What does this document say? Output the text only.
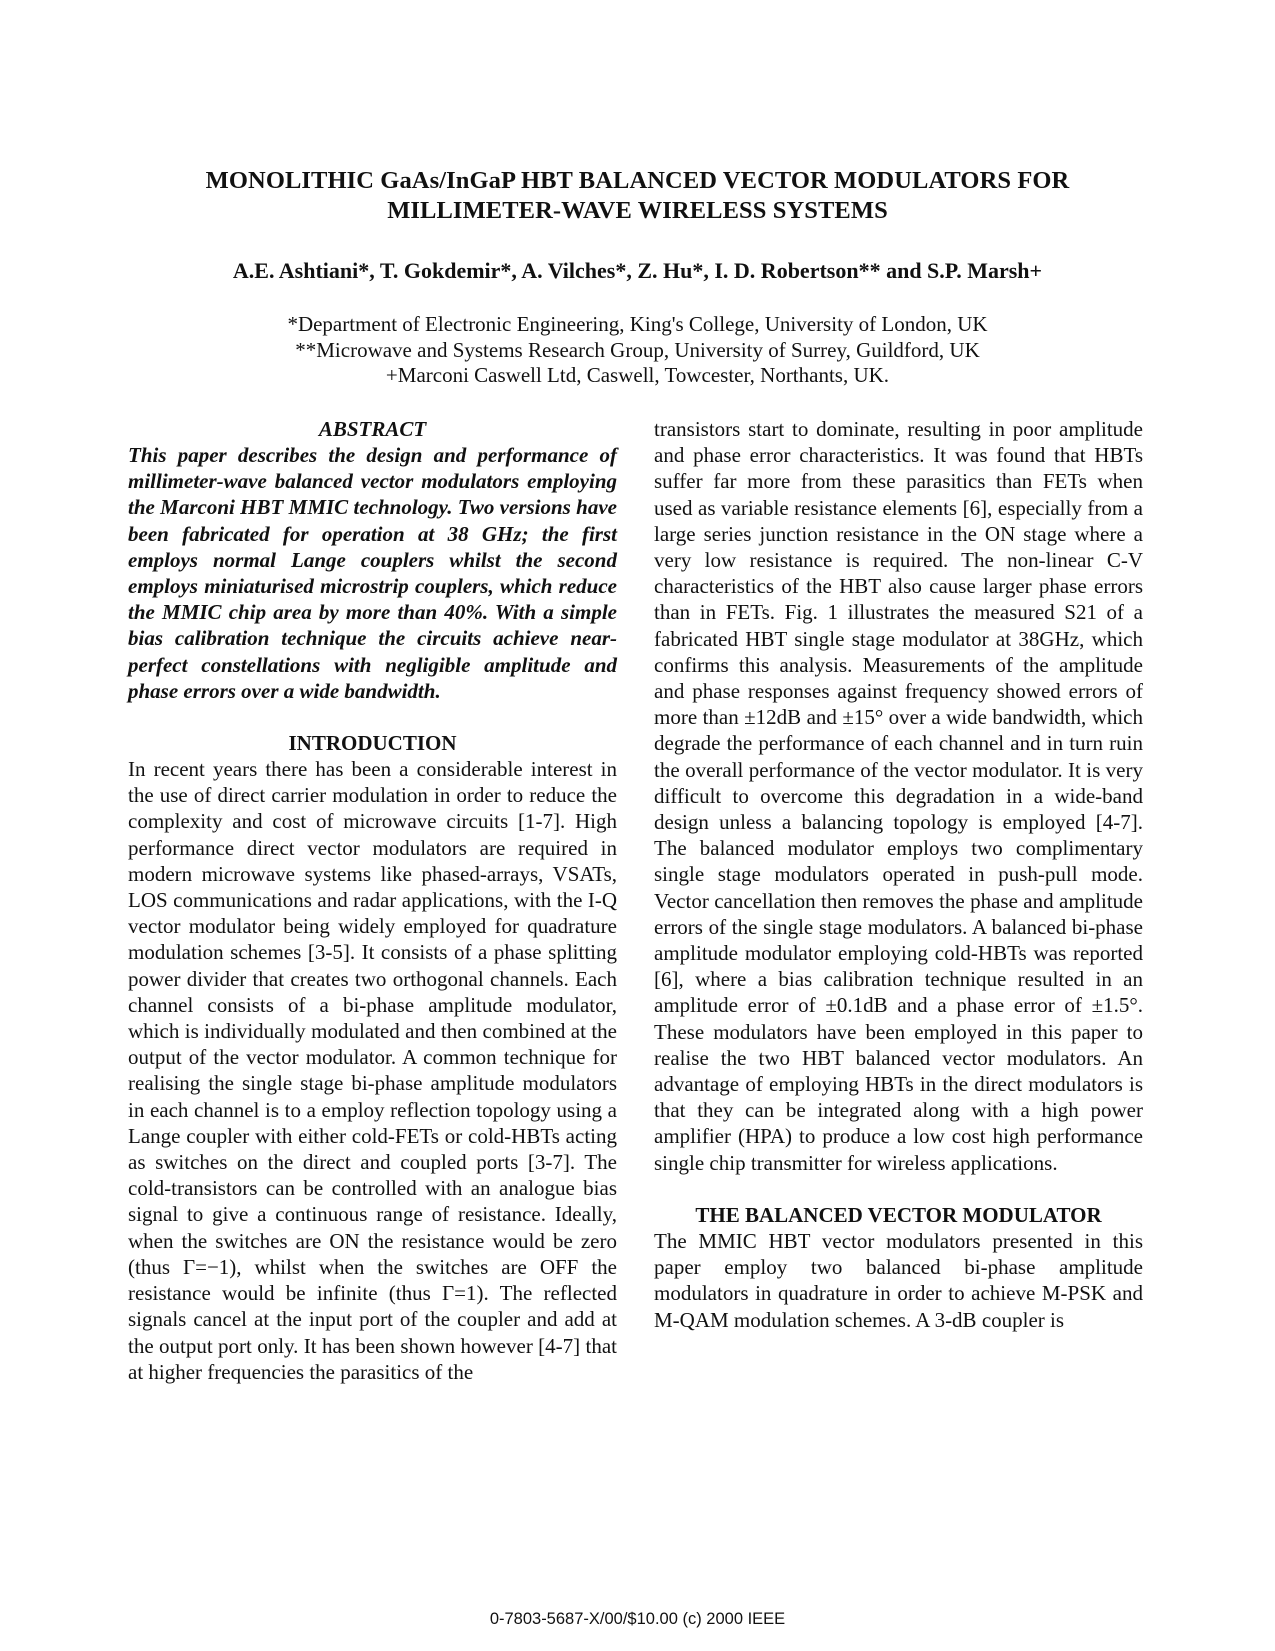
MONOLITHIC GaAs/InGaP HBT BALANCED VECTOR MODULATORS FOR
MILLIMETER-WAVE WIRELESS SYSTEMS
A.E. Ashtiani*, T. Gokdemir*, A. Vilches*, Z. Hu*, I. D. Robertson** and S.P. Marsh+
*Department of Electronic Engineering, King's College, University of London, UK
**Microwave and Systems Research Group, University of Surrey, Guildford, UK
+Marconi Caswell Ltd, Caswell, Towcester, Northants, UK.

ABSTRACT

This paper describes the design and performance of millimeter-wave balanced vector modulators employing the Marconi HBT MMIC technology. Two versions have been fabricated for operation at 38 GHz; the first employs normal Lange couplers whilst the second employs miniaturised microstrip couplers, which reduce the MMIC chip area by more than 40%. With a simple bias calibration technique the circuits achieve near-perfect constellations with negligible amplitude and phase errors over a wide bandwidth.

INTRODUCTION

In recent years there has been a considerable interest in the use of direct carrier modulation in order to reduce the complexity and cost of microwave circuits [1-7]. High performance direct vector modulators are required in modern microwave systems like phased-arrays, VSATs, LOS communications and radar applications, with the I-Q vector modulator being widely employed for quadrature modulation schemes [3-5]. It consists of a phase splitting power divider that creates two orthogonal channels. Each channel consists of a bi-phase amplitude modulator, which is individually modulated and then combined at the output of the vector modulator. A common technique for realising the single stage bi-phase amplitude modulators in each channel is to a employ reflection topology using a Lange coupler with either cold-FETs or cold-HBTs acting as switches on the direct and coupled ports [3-7]. The cold-transistors can be controlled with an analogue bias signal to give a continuous range of resistance. Ideally, when the switches are ON the resistance would be zero (thus Γ=−1), whilst when the switches are OFF the resistance would be infinite (thus Γ=1). The reflected signals cancel at the input port of the coupler and add at the output port only. It has been shown however [4-7] that at higher frequencies the parasitics of the

transistors start to dominate, resulting in poor amplitude and phase error characteristics. It was found that HBTs suffer far more from these parasitics than FETs when used as variable resistance elements [6], especially from a large series junction resistance in the ON stage where a very low resistance is required. The non-linear C-V characteristics of the HBT also cause larger phase errors than in FETs. Fig. 1 illustrates the measured S21 of a fabricated HBT single stage modulator at 38GHz, which confirms this analysis. Measurements of the amplitude and phase responses against frequency showed errors of more than ±12dB and ±15° over a wide bandwidth, which degrade the performance of each channel and in turn ruin the overall performance of the vector modulator. It is very difficult to overcome this degradation in a wide-band design unless a balancing topology is employed [4-7]. The balanced modulator employs two complimentary single stage modulators operated in push-pull mode. Vector cancellation then removes the phase and amplitude errors of the single stage modulators. A balanced bi-phase amplitude modulator employing cold-HBTs was reported [6], where a bias calibration technique resulted in an amplitude error of ±0.1dB and a phase error of ±1.5°. These modulators have been employed in this paper to realise the two HBT balanced vector modulators. An advantage of employing HBTs in the direct modulators is that they can be integrated along with a high power amplifier (HPA) to produce a low cost high performance single chip transmitter for wireless applications.

THE BALANCED VECTOR MODULATOR

The MMIC HBT vector modulators presented in this paper employ two balanced bi-phase amplitude modulators in quadrature in order to achieve M-PSK and M-QAM modulation schemes. A 3-dB coupler is

0-7803-5687-X/00/$10.00 (c) 2000 IEEE
